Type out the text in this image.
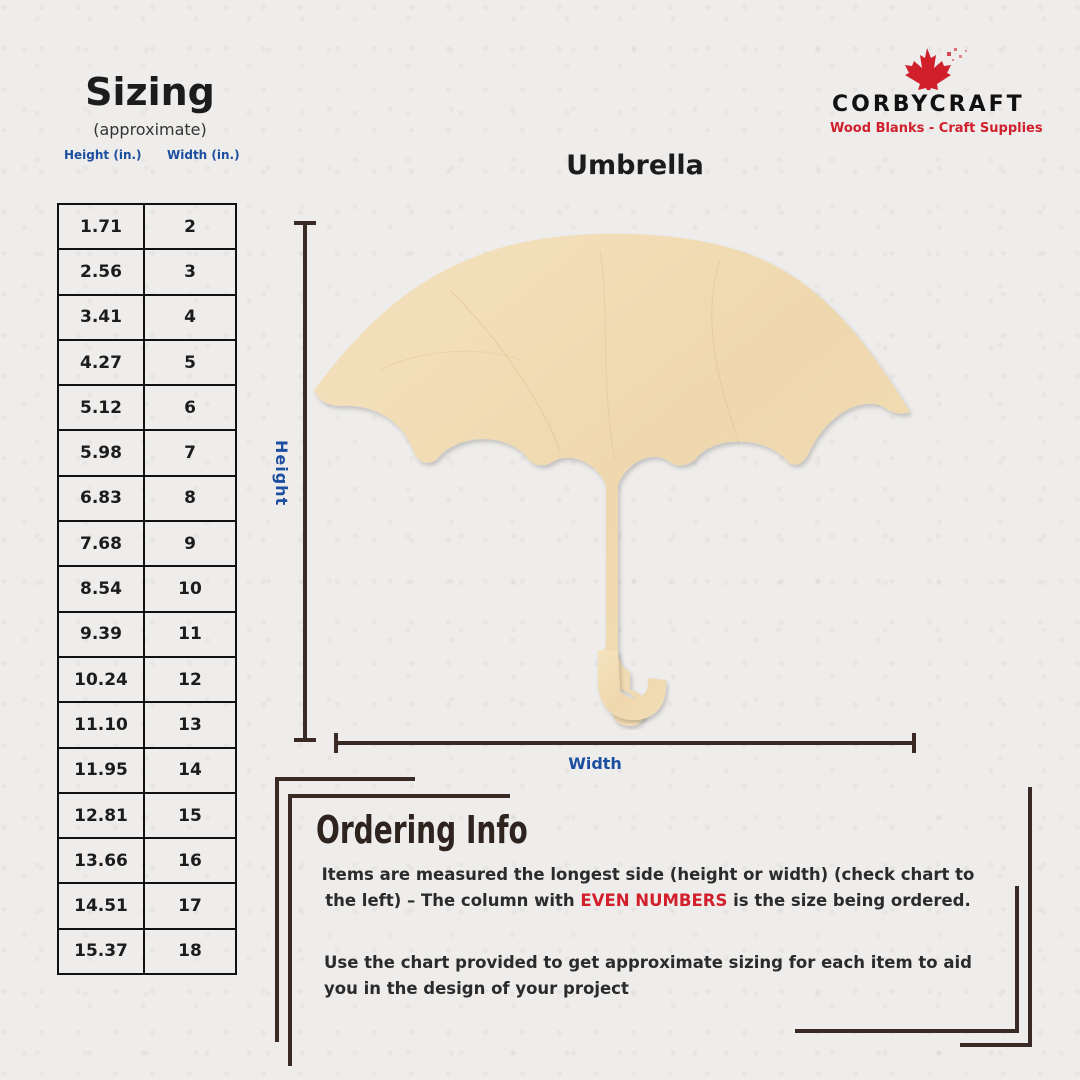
Sizing
(approximate)
Height (in.) Width (in.)
1.71	2
2.56	3
3.41	4
4.27	5
5.12	6
5.98	7
6.83	8
7.68	9
8.54	10
9.39	11
10.24	12
11.10	13
11.95	14
12.81	15
13.66	16
14.51	17
15.37	18
CORBYCRAFT
Wood Blanks - Craft Supplies
Umbrella
Height
Width
Ordering Info
Items are measured the longest side (height or width) (check chart to the left) – The column with EVEN NUMBERS is the size being ordered.
Use the chart provided to get approximate sizing for each item to aid you in the design of your project
